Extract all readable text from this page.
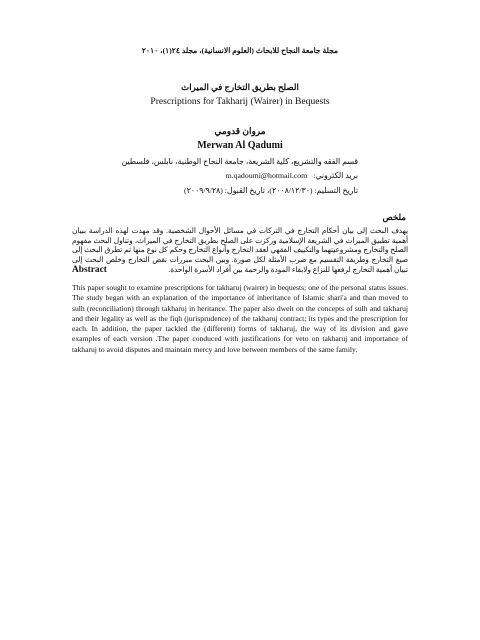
مجلة جامعة النجاح للابحاث (العلوم الانسانية)، مجلد ٢٤(١)، ٢٠١٠
الصلح بطريق التخارج في الميراث
Prescriptions for Takharij (Wairer) in Bequests
مروان قدومي
Merwan Al Qadumi
قسم الفقه والتشريع، كلية الشريعة، جامعة النجاح الوطنية، نابلس، فلسطين
بريد الكتروني: m.qadoumi@hotmail.com
تاريخ التسليم: (٢٠٠٨/١٢/٣٠)، تاريخ القبول: (٢٠٠٩/٩/٢٨)
ملخص
يهدف البحث إلى بيان أحكام التخارج في التركات في مسائل الأحوال الشخصية. وقد مهدت لهذه الدراسة ببيان أهمية تطبيق الميراث في الشريعة الإسلامية وركزت على الصلح بطريق التخارج في الميراث، وتناول البحث مفهوم الصلح والتخارج ومشروعيتهما والتكييف الفقهي لعقد التخارج وأنواع التخارج وحكم كل نوع منها ثم تطرق البحث إلى صيغ التخارج وطريقة التقسيم مع ضرب الأمثلة لكل صورة. وبين البحث مبررات نقض التخارج وخلص البحث إلى تبيان أهمية التخارج لرفعها للنزاع ولابقاء المودة والرحمة بين أفراد الأسرة الواحدة.
Abstract

This paper sought to examine prescriptions for takharuj (wairer) in bequests; one of the personal status issues. The study began with an explanation of the importance of inheritance of Islamic shari'a and than moved to sulh (reconciliation) through takharuj in heritance. The paper also dwelt on the concepts of sulh and takharuj and their legality as well as the fiqh (jurisprudence) of the takharuj contract; its types and the prescription for each. In addition, the paper tackled the (different) forms of takharuj, the way of its division and gave examples of each version .The paper conduced with justifications for veto on takharuj and importance of takharuj to avoid disputes and maintain mercy and love between members of the same family.
